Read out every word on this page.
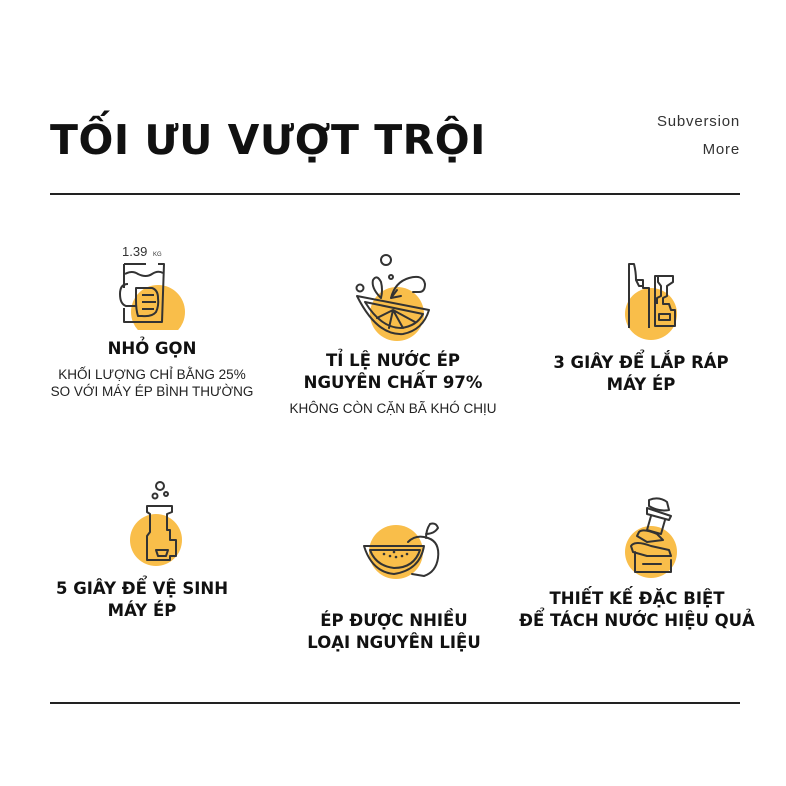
TỐI ƯU VƯỢT TRỘI	Subversion
More
1.39 KG
NHỎ GỌN
KHỐI LƯỢNG CHỈ BẰNG 25%
SO VỚI MÁY ÉP BÌNH THƯỜNG
TỈ LỆ NƯỚC ÉP
NGUYÊN CHẤT 97%
KHÔNG CÒN CẶN BÃ KHÓ CHỊU
3 GIÂY ĐỂ LẮP RÁP
MÁY ÉP
5 GIÂY ĐỂ VỆ SINH
MÁY ÉP
ÉP ĐƯỢC NHIỀU
LOẠI NGUYÊN LIỆU
THIẾT KẾ ĐẶC BIỆT
ĐỂ TÁCH NƯỚC HIỆU QUẢ
